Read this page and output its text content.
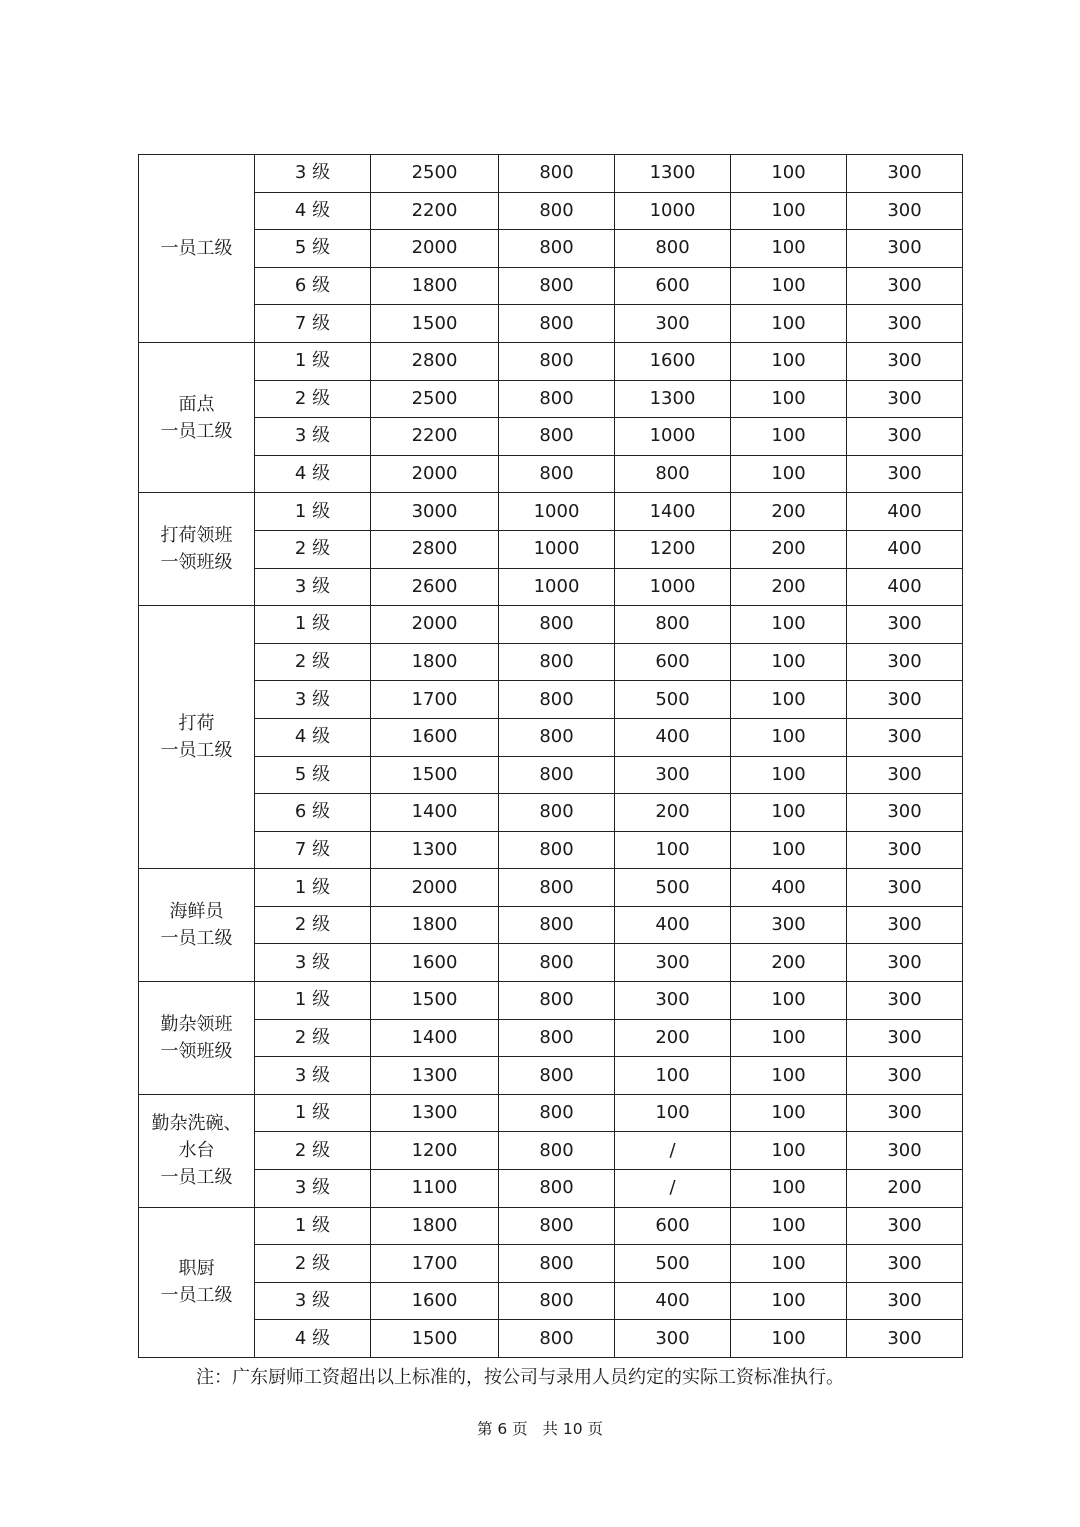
一员工级	3 级	2500	800	1300	100	300
	4 级	2200	800	1000	100	300
	5 级	2000	800	800	100	300
	6 级	1800	800	600	100	300
	7 级	1500	800	300	100	300

面点
一员工级	1 级	2800	800	1600	100	300
	2 级	2500	800	1300	100	300
	3 级	2200	800	1000	100	300
	4 级	2000	800	800	100	300

打荷领班
一领班级	1 级	3000	1000	1400	200	400
	2 级	2800	1000	1200	200	400
	3 级	2600	1000	1000	200	400

打荷
一员工级	1 级	2000	800	800	100	300
	2 级	1800	800	600	100	300
	3 级	1700	800	500	100	300
	4 级	1600	800	400	100	300
	5 级	1500	800	300	100	300
	6 级	1400	800	200	100	300
	7 级	1300	800	100	100	300

海鲜员
一员工级	1 级	2000	800	500	400	300
	2 级	1800	800	400	300	300
	3 级	1600	800	300	200	300

勤杂领班
一领班级	1 级	1500	800	300	100	300
	2 级	1400	800	200	100	300
	3 级	1300	800	100	100	300

勤杂洗碗、
水台
一员工级	1 级	1300	800	100	100	300
	2 级	1200	800	/	100	300
	3 级	1100	800	/	100	200

职厨
一员工级	1 级	1800	800	600	100	300
	2 级	1700	800	500	100	300
	3 级	1600	800	400	100	300
	4 级	1500	800	300	100	300
注：广东厨师工资超出以上标准的，按公司与录用人员约定的实际工资标准执行。
第 6 页   共 10 页
